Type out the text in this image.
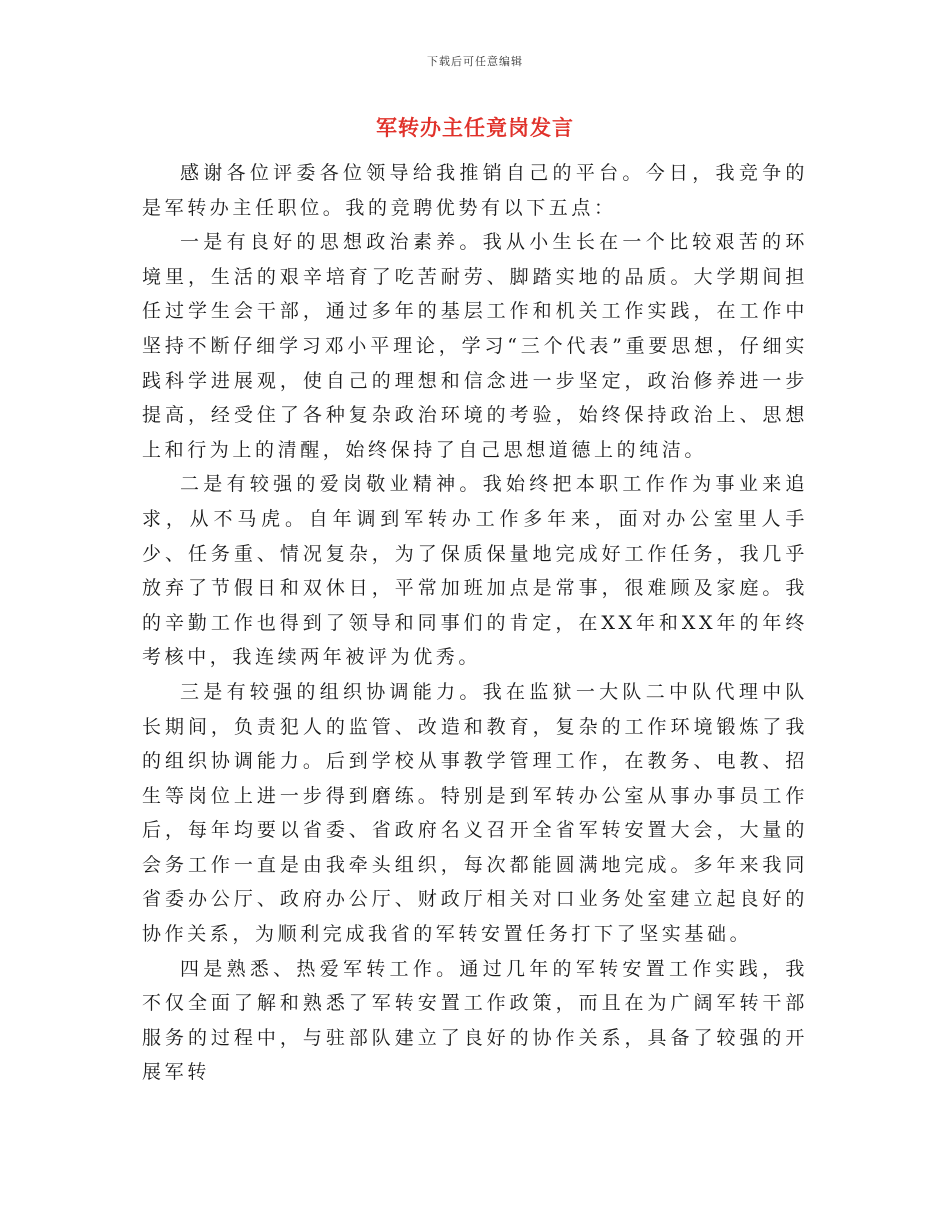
下载后可任意编辑
军转办主任竟岗发言

感谢各位评委各位领导给我推销自己的平台。今日，我竞争的是军转办主任职位。我的竞聘优势有以下五点：

一是有良好的思想政治素养。我从小生长在一个比较艰苦的环境里，生活的艰辛培育了吃苦耐劳、脚踏实地的品质。大学期间担任过学生会干部，通过多年的基层工作和机关工作实践，在工作中坚持不断仔细学习邓小平理论，学习“三个代表”重要思想，仔细实践科学进展观，使自己的理想和信念进一步坚定，政治修养进一步提高，经受住了各种复杂政治环境的考验，始终保持政治上、思想上和行为上的清醒，始终保持了自己思想道德上的纯洁。

二是有较强的爱岗敬业精神。我始终把本职工作作为事业来追求，从不马虎。自年调到军转办工作多年来，面对办公室里人手少、任务重、情况复杂，为了保质保量地完成好工作任务，我几乎放弃了节假日和双休日，平常加班加点是常事，很难顾及家庭。我的辛勤工作也得到了领导和同事们的肯定，在XX年和XX年的年终考核中，我连续两年被评为优秀。

三是有较强的组织协调能力。我在监狱一大队二中队代理中队长期间，负责犯人的监管、改造和教育，复杂的工作环境锻炼了我的组织协调能力。后到学校从事教学管理工作，在教务、电教、招生等岗位上进一步得到磨练。特别是到军转办公室从事办事员工作后，每年均要以省委、省政府名义召开全省军转安置大会，大量的会务工作一直是由我牵头组织，每次都能圆满地完成。多年来我同省委办公厅、政府办公厅、财政厅相关对口业务处室建立起良好的协作关系，为顺利完成我省的军转安置任务打下了坚实基础。

四是熟悉、热爱军转工作。通过几年的军转安置工作实践，我不仅全面了解和熟悉了军转安置工作政策，而且在为广阔军转干部服务的过程中，与驻部队建立了良好的协作关系，具备了较强的开展军转
